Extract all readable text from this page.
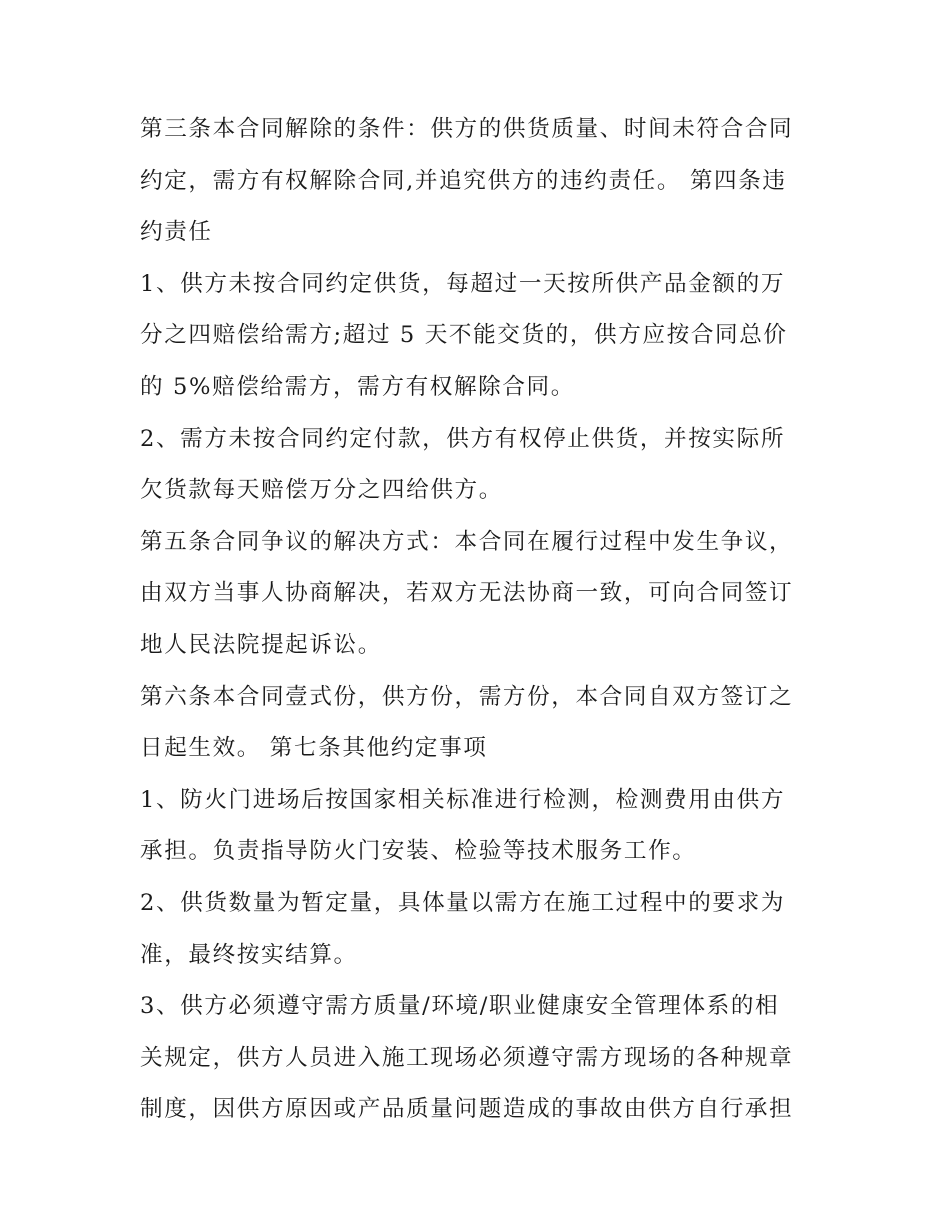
第三条本合同解除的条件：供方的供货质量、时间未符合合同
约定，需方有权解除合同,并追究供方的违约责任。 第四条违
约责任

1、供方未按合同约定供货，每超过一天按所供产品金额的万
分之四赔偿给需方;超过 5 天不能交货的，供方应按合同总价
的 5%赔偿给需方，需方有权解除合同。

2、需方未按合同约定付款，供方有权停止供货，并按实际所
欠货款每天赔偿万分之四给供方。

第五条合同争议的解决方式：本合同在履行过程中发生争议，
由双方当事人协商解决，若双方无法协商一致，可向合同签订
地人民法院提起诉讼。

第六条本合同壹式份，供方份，需方份，本合同自双方签订之
日起生效。 第七条其他约定事项

1、防火门进场后按国家相关标准进行检测，检测费用由供方
承担。负责指导防火门安装、检验等技术服务工作。

2、供货数量为暂定量，具体量以需方在施工过程中的要求为
准，最终按实结算。

3、供方必须遵守需方质量/环境/职业健康安全管理体系的相
关规定，供方人员进入施工现场必须遵守需方现场的各种规章
制度，因供方原因或产品质量问题造成的事故由供方自行承担
